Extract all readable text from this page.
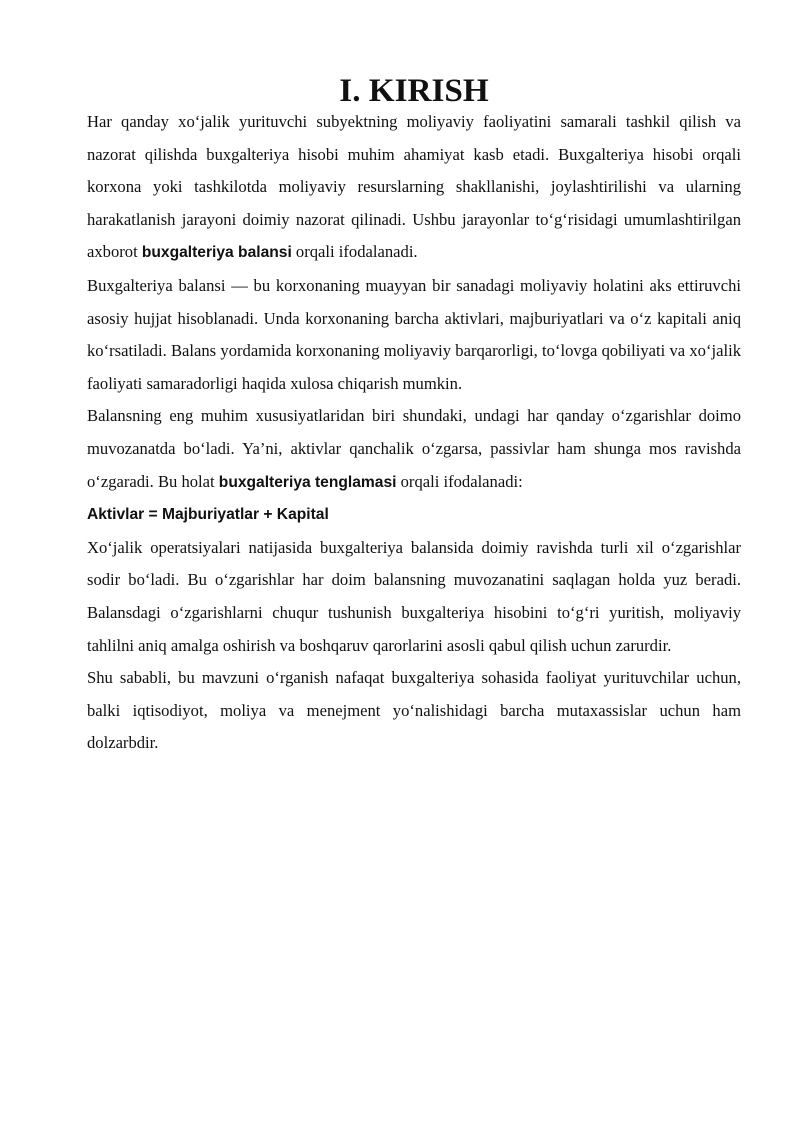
I. KIRISH

Har qanday xo‘jalik yurituvchi subyektning moliyaviy faoliyatini samarali tashkil qilish va nazorat qilishda buxgalteriya hisobi muhim ahamiyat kasb etadi. Buxgalteriya hisobi orqali korxona yoki tashkilotda moliyaviy resurslarning shakllanishi, joylashtirilishi va ularning harakatlanish jarayoni doimiy nazorat qilinadi. Ushbu jarayonlar to‘g‘risidagi umumlashtirilgan axborot buxgalteriya balansi orqali ifodalanadi.

Buxgalteriya balansi — bu korxonaning muayyan bir sanadagi moliyaviy holatini aks ettiruvchi asosiy hujjat hisoblanadi. Unda korxonaning barcha aktivlari, majburiyatlari va o‘z kapitali aniq ko‘rsatiladi. Balans yordamida korxonaning moliyaviy barqarorligi, to‘lovga qobiliyati va xo‘jalik faoliyati samaradorligi haqida xulosa chiqarish mumkin.

Balansning eng muhim xususiyatlaridan biri shundaki, undagi har qanday o‘zgarishlar doimo muvozanatda bo‘ladi. Ya’ni, aktivlar qanchalik o‘zgarsa, passivlar ham shunga mos ravishda o‘zgaradi. Bu holat buxgalteriya tenglamasi orqali ifodalanadi:

Aktivlar = Majburiyatlar + Kapital

Xo‘jalik operatsiyalari natijasida buxgalteriya balansida doimiy ravishda turli xil o‘zgarishlar sodir bo‘ladi. Bu o‘zgarishlar har doim balansning muvozanatini saqlagan holda yuz beradi. Balansdagi o‘zgarishlarni chuqur tushunish buxgalteriya hisobini to‘g‘ri yuritish, moliyaviy tahlilni aniq amalga oshirish va boshqaruv qarorlarini asosli qabul qilish uchun zarurdir.

Shu sababli, bu mavzuni o‘rganish nafaqat buxgalteriya sohasida faoliyat yurituvchilar uchun, balki iqtisodiyot, moliya va menejment yo‘nalishidagi barcha mutaxassislar uchun ham dolzarbdir.
